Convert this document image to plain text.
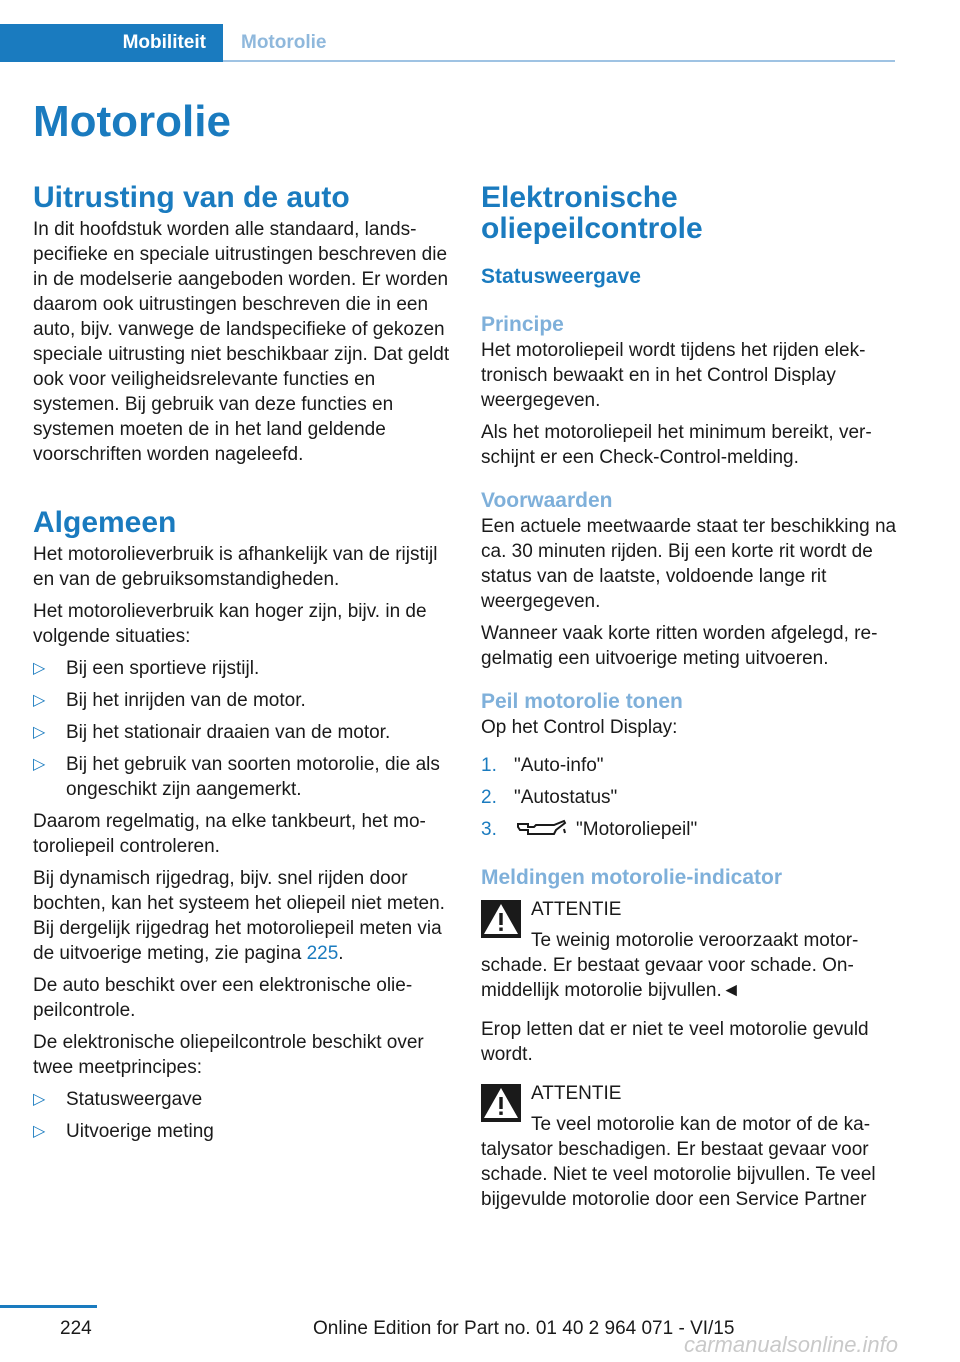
Mobiliteit	Motorolie
Motorolie
Uitrusting van de auto

In dit hoofdstuk worden alle standaard, landspecifieke en speciale uitrustingen beschreven die in de modelserie aangeboden worden. Er worden daarom ook uitrustingen beschreven die in een auto, bijv. vanwege de landspecifieke of gekozen speciale uitrusting niet beschikbaar zijn. Dat geldt ook voor veiligheidsrelevante functies en systemen. Bij gebruik van deze functies en systemen moeten de in het land geldende voorschriften worden nageleefd.

Algemeen

Het motorolieverbruik is afhankelijk van de rijstijl en van de gebruiksomstandigheden.

Het motorolieverbruik kan hoger zijn, bijv. in de volgende situaties:

▷ Bij een sportieve rijstijl.
▷ Bij het inrijden van de motor.
▷ Bij het stationair draaien van de motor.
▷ Bij het gebruik van soorten motorolie, die als ongeschikt zijn aangemerkt.

Daarom regelmatig, na elke tankbeurt, het motoroliepeil controleren.

Bij dynamisch rijgedrag, bijv. snel rijden door bochten, kan het systeem het oliepeil niet meten. Bij dergelijk rijgedrag het motoroliepeil meten via de uitvoerige meting, zie pagina 225.

De auto beschikt over een elektronische oliepeilcontrole.

De elektronische oliepeilcontrole beschikt over twee meetprincipes:

▷ Statusweergave
▷ Uitvoerige meting
Elektronische oliepeilcontrole
Statusweergave
Principe

Het motoroliepeil wordt tijdens het rijden elektronisch bewaakt en in het Control Display weergegeven.

Als het motoroliepeil het minimum bereikt, verschijnt er een Check-Control-melding.

Voorwaarden

Een actuele meetwaarde staat ter beschikking na ca. 30 minuten rijden. Bij een korte rit wordt de status van de laatste, voldoende lange rit weergegeven.

Wanneer vaak korte ritten worden afgelegd, regelmatig een uitvoerige meting uitvoeren.

Peil motorolie tonen

Op het Control Display:

1. "Auto-info"
2. "Autostatus"
3.	"Motoroliepeil"
Meldingen motorolie-indicator
ATTENTIE
Te weinig motorolie veroorzaakt motorschade. Er bestaat gevaar voor schade. Onmiddellijk motorolie bijvullen.◄

Erop letten dat er niet te veel motorolie gevuld wordt.

ATTENTIE
Te veel motorolie kan de motor of de katalysator beschadigen. Er bestaat gevaar voor schade. Niet te veel motorolie bijvullen. Te veel bijgevulde motorolie door een Service Partner
224	Online Edition for Part no. 01 40 2 964 071 - VI/15
carmanualsonline.info
